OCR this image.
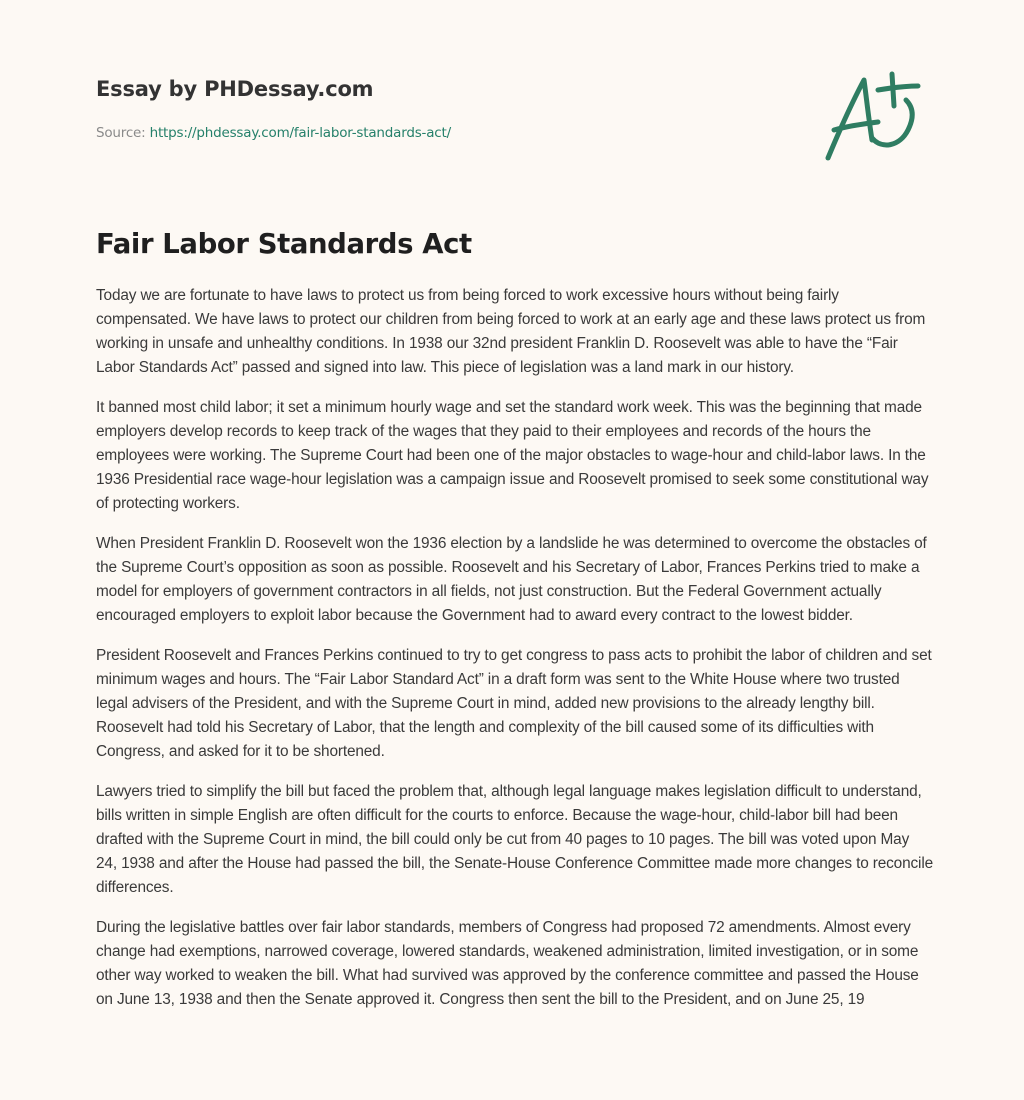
Essay by PHDessay.com
Source: https://phdessay.com/fair-labor-standards-act/
Fair Labor Standards Act

Today we are fortunate to have laws to protect us from being forced to work excessive hours without being fairly compensated. We have laws to protect our children from being forced to work at an early age and these laws protect us from working in unsafe and unhealthy conditions. In 1938 our 32nd president Franklin D. Roosevelt was able to have the “Fair Labor Standards Act” passed and signed into law. This piece of legislation was a land mark in our history.

It banned most child labor; it set a minimum hourly wage and set the standard work week. This was the beginning that made employers develop records to keep track of the wages that they paid to their employees and records of the hours the employees were working. The Supreme Court had been one of the major obstacles to wage-hour and child-labor laws. In the 1936 Presidential race wage-hour legislation was a campaign issue and Roosevelt promised to seek some constitutional way of protecting workers.

When President Franklin D. Roosevelt won the 1936 election by a landslide he was determined to overcome the obstacles of the Supreme Court’s opposition as soon as possible. Roosevelt and his Secretary of Labor, Frances Perkins tried to make a model for employers of government contractors in all fields, not just construction. But the Federal Government actually encouraged employers to exploit labor because the Government had to award every contract to the lowest bidder.

President Roosevelt and Frances Perkins continued to try to get congress to pass acts to prohibit the labor of children and set minimum wages and hours. The “Fair Labor Standard Act” in a draft form was sent to the White House where two trusted legal advisers of the President, and with the Supreme Court in mind, added new provisions to the already lengthy bill. Roosevelt had told his Secretary of Labor, that the length and complexity of the bill caused some of its difficulties with Congress, and asked for it to be shortened.

Lawyers tried to simplify the bill but faced the problem that, although legal language makes legislation difficult to understand, bills written in simple English are often difficult for the courts to enforce. Because the wage-hour, child-labor bill had been drafted with the Supreme Court in mind, the bill could only be cut from 40 pages to 10 pages. The bill was voted upon May 24, 1938 and after the House had passed the bill, the Senate-House Conference Committee made more changes to reconcile differences.

During the legislative battles over fair labor standards, members of Congress had proposed 72 amendments. Almost every change had exemptions, narrowed coverage, lowered standards, weakened administration, limited investigation, or in some other way worked to weaken the bill. What had survived was approved by the conference committee and passed the House on June 13, 1938 and then the Senate approved it. Congress then sent the bill to the President, and on June 25, 19
